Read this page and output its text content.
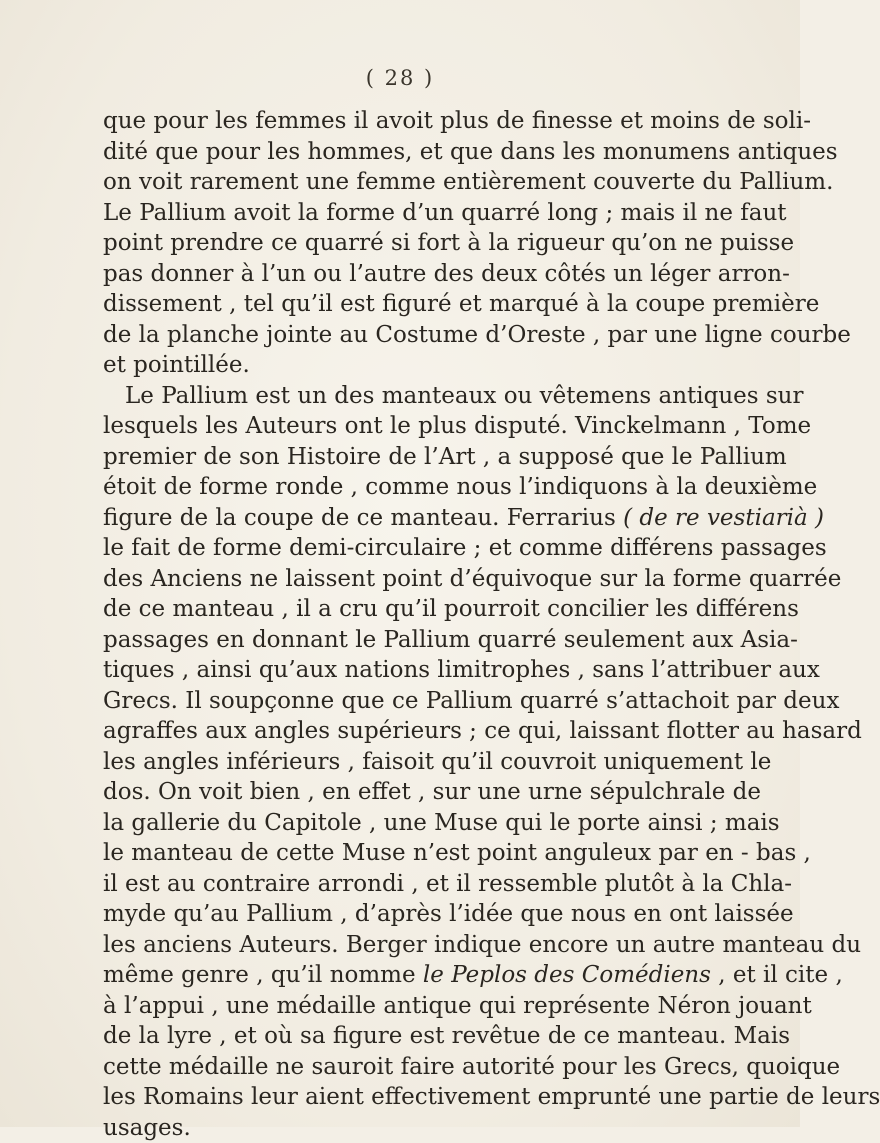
( 28 )

que pour les femmes il avoit plus de finesse et moins de soli-
dité que pour les hommes, et que dans les monumens antiques
on voit rarement une femme entièrement couverte du Pallium.
Le Pallium avoit la forme d’un quarré long ; mais il ne faut
point prendre ce quarré si fort à la rigueur qu’on ne puisse
pas donner à l’un ou l’autre des deux côtés un léger arron-
dissement , tel qu’il est figuré et marqué à la coupe première
de la planche jointe au Costume d’Oreste , par une ligne courbe
et pointillée.

Le Pallium est un des manteaux ou vêtemens antiques sur
lesquels les Auteurs ont le plus disputé. Vinckelmann , Tome
premier de son Histoire de l’Art , a supposé que le Pallium
étoit de forme ronde , comme nous l’indiquons à la deuxième
figure de la coupe de ce manteau. Ferrarius ( de re vestiarià )
le fait de forme demi-circulaire ; et comme différens passages
des Anciens ne laissent point d’équivoque sur la forme quarrée
de ce manteau , il a cru qu’il pourroit concilier les différens
passages en donnant le Pallium quarré seulement aux Asia-
tiques , ainsi qu’aux nations limitrophes , sans l’attribuer aux
Grecs. Il soupçonne que ce Pallium quarré s’attachoit par deux
agraffes aux angles supérieurs ; ce qui, laissant flotter au hasard
les angles inférieurs , faisoit qu’il couvroit uniquement le
dos. On voit bien , en effet , sur une urne sépulchrale de
la gallerie du Capitole , une Muse qui le porte ainsi ; mais
le manteau de cette Muse n’est point anguleux par en - bas ,
il est au contraire arrondi , et il ressemble plutôt à la Chla-
myde qu’au Pallium , d’après l’idée que nous en ont laissée
les anciens Auteurs. Berger indique encore un autre manteau du
même genre , qu’il nomme le Peplos des Comédiens , et il cite ,
à l’appui , une médaille antique qui représente Néron jouant
de la lyre , et où sa figure est revêtue de ce manteau. Mais
cette médaille ne sauroit faire autorité pour les Grecs, quoique
les Romains leur aient effectivement emprunté une partie de leurs
usages.
